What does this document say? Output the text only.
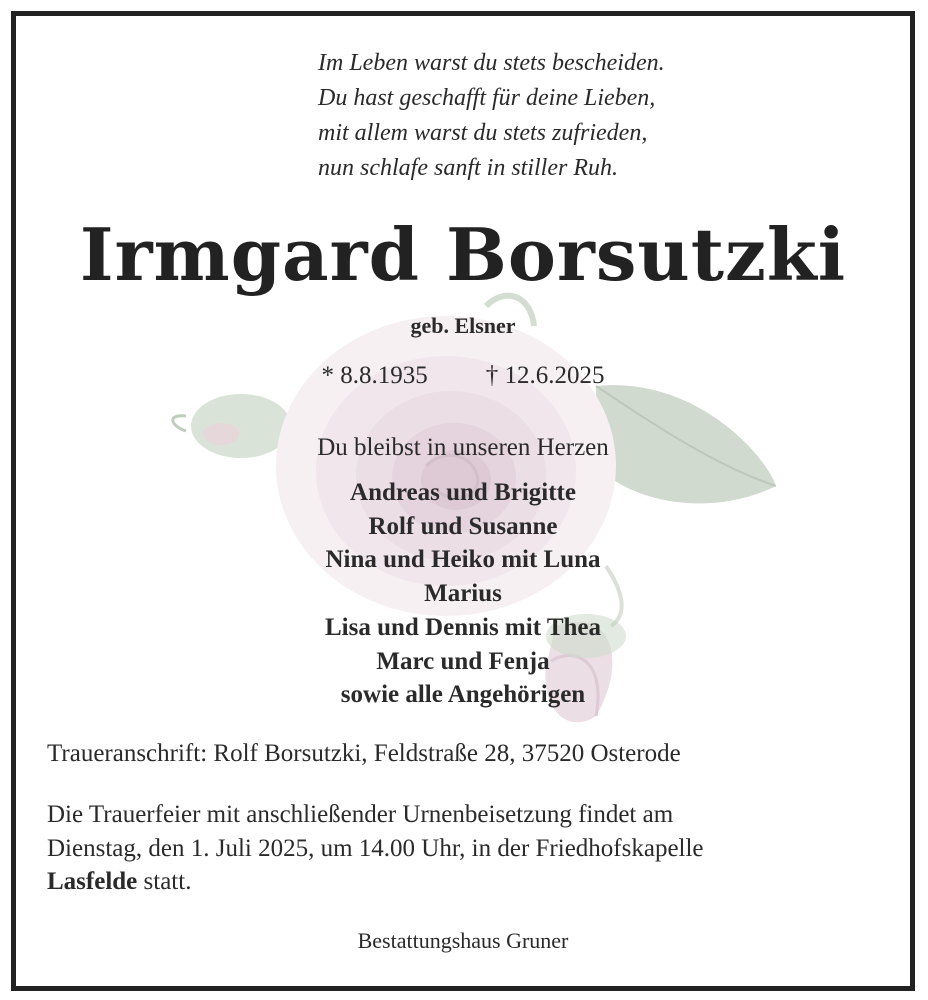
Im Leben warst du stets bescheiden.
Du hast geschafft für deine Lieben,
mit allem warst du stets zufrieden,
nun schlafe sanft in stiller Ruh.
Irmgard Borsutzki
geb. Elsner
* 8.8.1935 † 12.6.2025
Du bleibst in unseren Herzen
Andreas und Brigitte
Rolf und Susanne
Nina und Heiko mit Luna
Marius
Lisa und Dennis mit Thea
Marc und Fenja
sowie alle Angehörigen
Traueranschrift: Rolf Borsutzki, Feldstraße 28, 37520 Osterode
Die Trauerfeier mit anschließender Urnenbeisetzung findet am
Dienstag, den 1. Juli 2025, um 14.00 Uhr, in der Friedhofskapelle
Lasfelde statt.
Bestattungshaus Gruner
